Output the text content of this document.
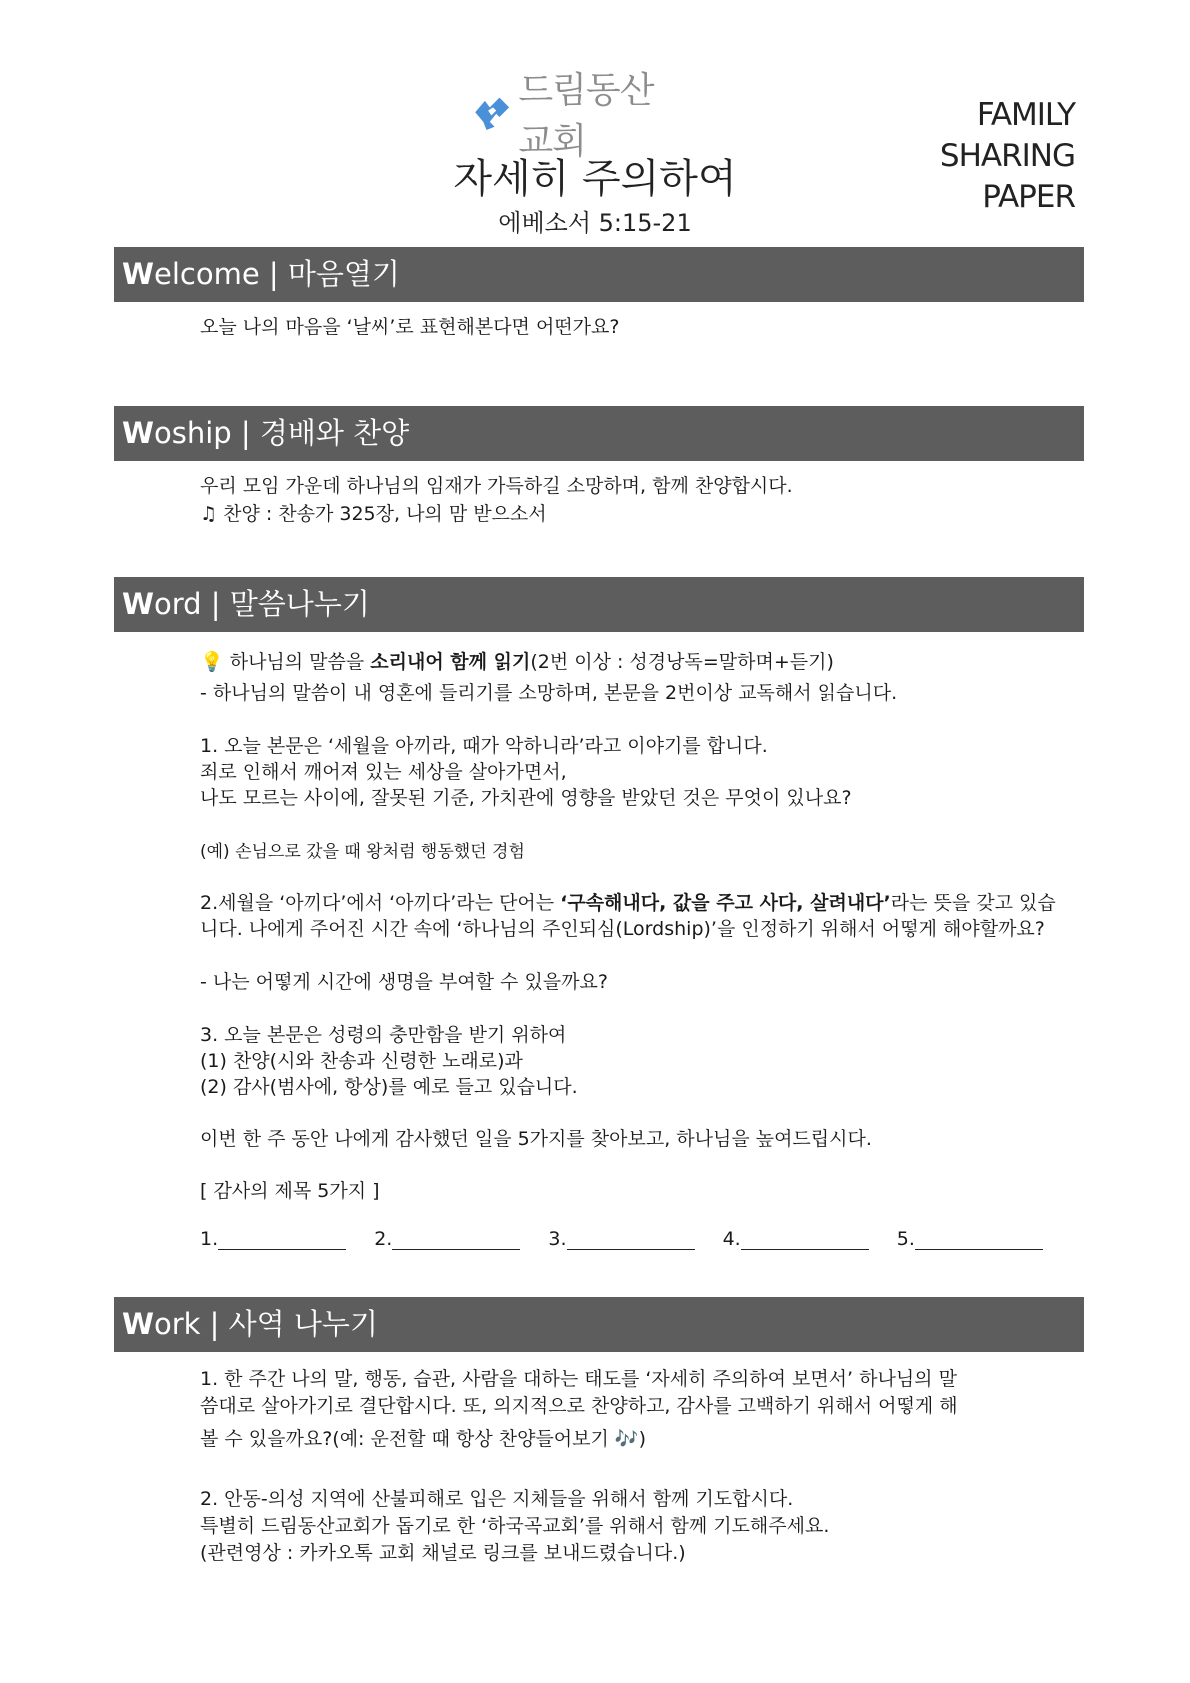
드림동산교회
자세히 주의하여
에베소서 5:15-21
FAMILY
SHARING
PAPER
Welcome | 마음열기
오늘 나의 마음을 ‘날씨’로 표현해본다면 어떤가요?
Woship | 경배와 찬양
우리 모임 가운데 하나님의 임재가 가득하길 소망하며, 함께 찬양합시다.
♫ 찬양 : 찬송가 325장, 나의 맘 받으소서
Word | 말씀나누기
💡 하나님의 말씀을 소리내어 함께 읽기(2번 이상 : 성경낭독=말하며+듣기)
- 하나님의 말씀이 내 영혼에 들리기를 소망하며, 본문을 2번이상 교독해서 읽습니다.
1. 오늘 본문은 ‘세월을 아끼라, 때가 악하니라’라고 이야기를 합니다.
죄로 인해서 깨어져 있는 세상을 살아가면서,
나도 모르는 사이에, 잘못된 기준, 가치관에 영향을 받았던 것은 무엇이 있나요?
(예) 손님으로 갔을 때 왕처럼 행동했던 경험
2.세월을 ‘아끼다’에서 ‘아끼다’라는 단어는 ‘구속해내다, 값을 주고 사다, 살려내다’라는 뜻을 갖고 있습
니다. 나에게 주어진 시간 속에 ‘하나님의 주인되심(Lordship)’을 인정하기 위해서 어떻게 해야할까요?
- 나는 어떻게 시간에 생명을 부여할 수 있을까요?
3. 오늘 본문은 성령의 충만함을 받기 위하여
(1) 찬양(시와 찬송과 신령한 노래로)과
(2) 감사(범사에, 항상)를 예로 들고 있습니다.
이번 한 주 동안 나에게 감사했던 일을 5가지를 찾아보고, 하나님을 높여드립시다.
[ 감사의 제목 5가지 ]
1.	2.	3.	4.	5.
Work | 사역 나누기
1. 한 주간 나의 말, 행동, 습관, 사람을 대하는 태도를 ‘자세히 주의하여 보면서’ 하나님의 말
씀대로 살아가기로 결단합시다. 또, 의지적으로 찬양하고, 감사를 고백하기 위해서 어떻게 해
볼 수 있을까요?(예: 운전할 때 항상 찬양들어보기 🎶)
2. 안동-의성 지역에 산불피해로 입은 지체들을 위해서 함께 기도합시다.
특별히 드림동산교회가 돕기로 한 ‘하국곡교회’를 위해서 함께 기도해주세요.
(관련영상 : 카카오톡 교회 채널로 링크를 보내드렸습니다.)
